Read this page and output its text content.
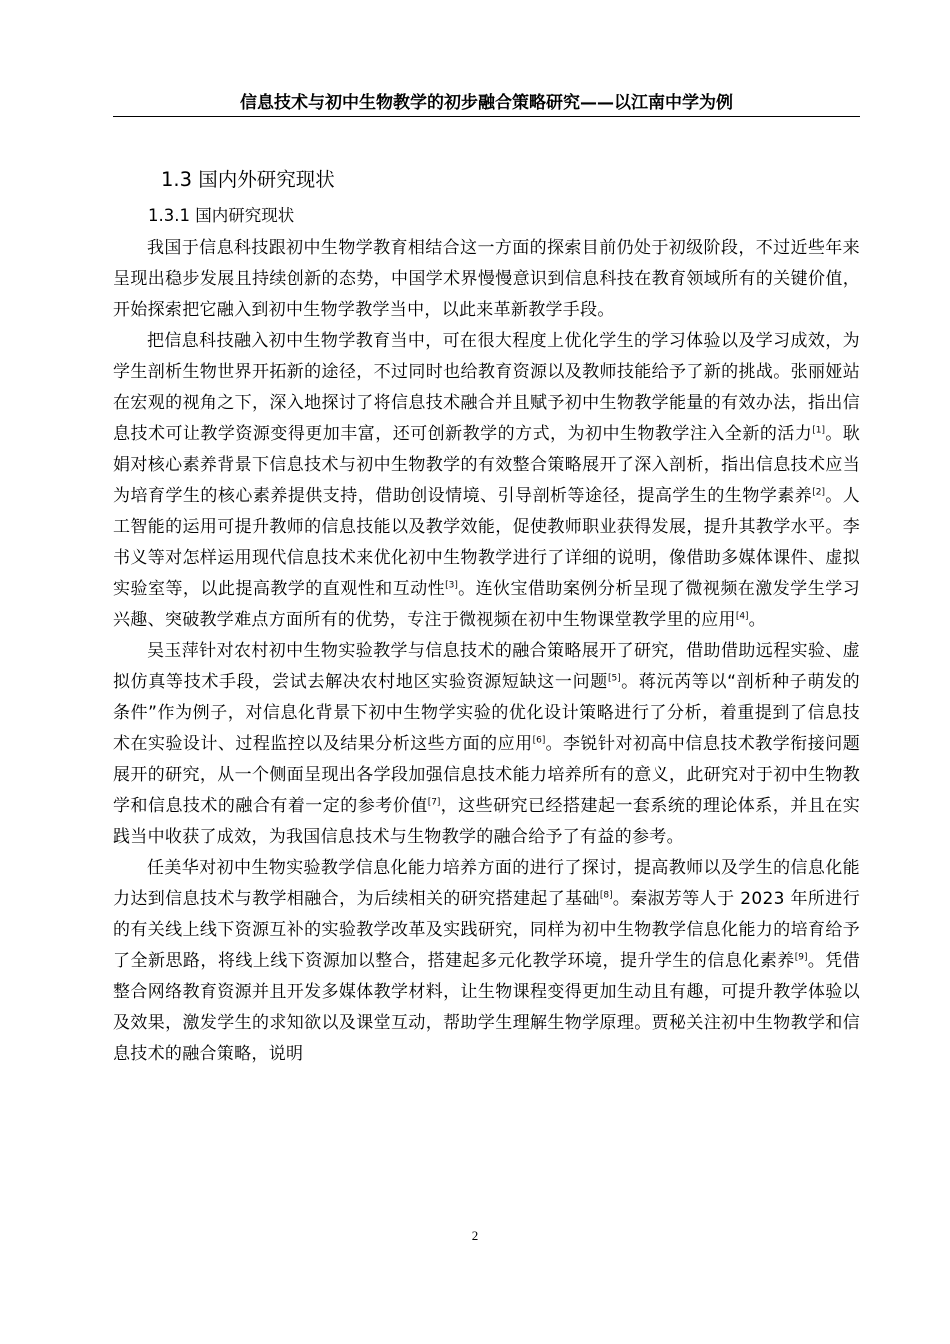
信息技术与初中生物教学的初步融合策略研究——以江南中学为例
1.3 国内外研究现状
1.3.1 国内研究现状

我国于信息科技跟初中生物学教育相结合这一方面的探索目前仍处于初级阶段，不过近些年来呈现出稳步发展且持续创新的态势，中国学术界慢慢意识到信息科技在教育领域所有的关键价值，开始探索把它融入到初中生物学教学当中，以此来革新教学手段。

把信息科技融入初中生物学教育当中，可在很大程度上优化学生的学习体验以及学习成效，为学生剖析生物世界开拓新的途径，不过同时也给教育资源以及教师技能给予了新的挑战。张丽娅站在宏观的视角之下，深入地探讨了将信息技术融合并且赋予初中生物教学能量的有效办法，指出信息技术可让教学资源变得更加丰富，还可创新教学的方式，为初中生物教学注入全新的活力[1]。耿娟对核心素养背景下信息技术与初中生物教学的有效整合策略展开了深入剖析，指出信息技术应当为培育学生的核心素养提供支持，借助创设情境、引导剖析等途径，提高学生的生物学素养[2]。人工智能的运用可提升教师的信息技能以及教学效能，促使教师职业获得发展，提升其教学水平。李书义等对怎样运用现代信息技术来优化初中生物教学进行了详细的说明，像借助多媒体课件、虚拟实验室等，以此提高教学的直观性和互动性[3]。连伙宝借助案例分析呈现了微视频在激发学生学习兴趣、突破教学难点方面所有的优势，专注于微视频在初中生物课堂教学里的应用[4]。

吴玉萍针对农村初中生物实验教学与信息技术的融合策略展开了研究，借助借助远程实验、虚拟仿真等技术手段，尝试去解决农村地区实验资源短缺这一问题[5]。蒋沅芮等以“剖析种子萌发的条件”作为例子，对信息化背景下初中生物学实验的优化设计策略进行了分析，着重提到了信息技术在实验设计、过程监控以及结果分析这些方面的应用[6]。李锐针对初高中信息技术教学衔接问题展开的研究，从一个侧面呈现出各学段加强信息技术能力培养所有的意义，此研究对于初中生物教学和信息技术的融合有着一定的参考价值[7]，这些研究已经搭建起一套系统的理论体系，并且在实践当中收获了成效，为我国信息技术与生物教学的融合给予了有益的参考。

任美华对初中生物实验教学信息化能力培养方面的进行了探讨，提高教师以及学生的信息化能力达到信息技术与教学相融合，为后续相关的研究搭建起了基础[8]。秦淑芳等人于 2023 年所进行的有关线上线下资源互补的实验教学改革及实践研究，同样为初中生物教学信息化能力的培育给予了全新思路，将线上线下资源加以整合，搭建起多元化教学环境，提升学生的信息化素养[9]。凭借整合网络教育资源并且开发多媒体教学材料，让生物课程变得更加生动且有趣，可提升教学体验以及效果，激发学生的求知欲以及课堂互动，帮助学生理解生物学原理。贾秘关注初中生物教学和信息技术的融合策略，说明

2
